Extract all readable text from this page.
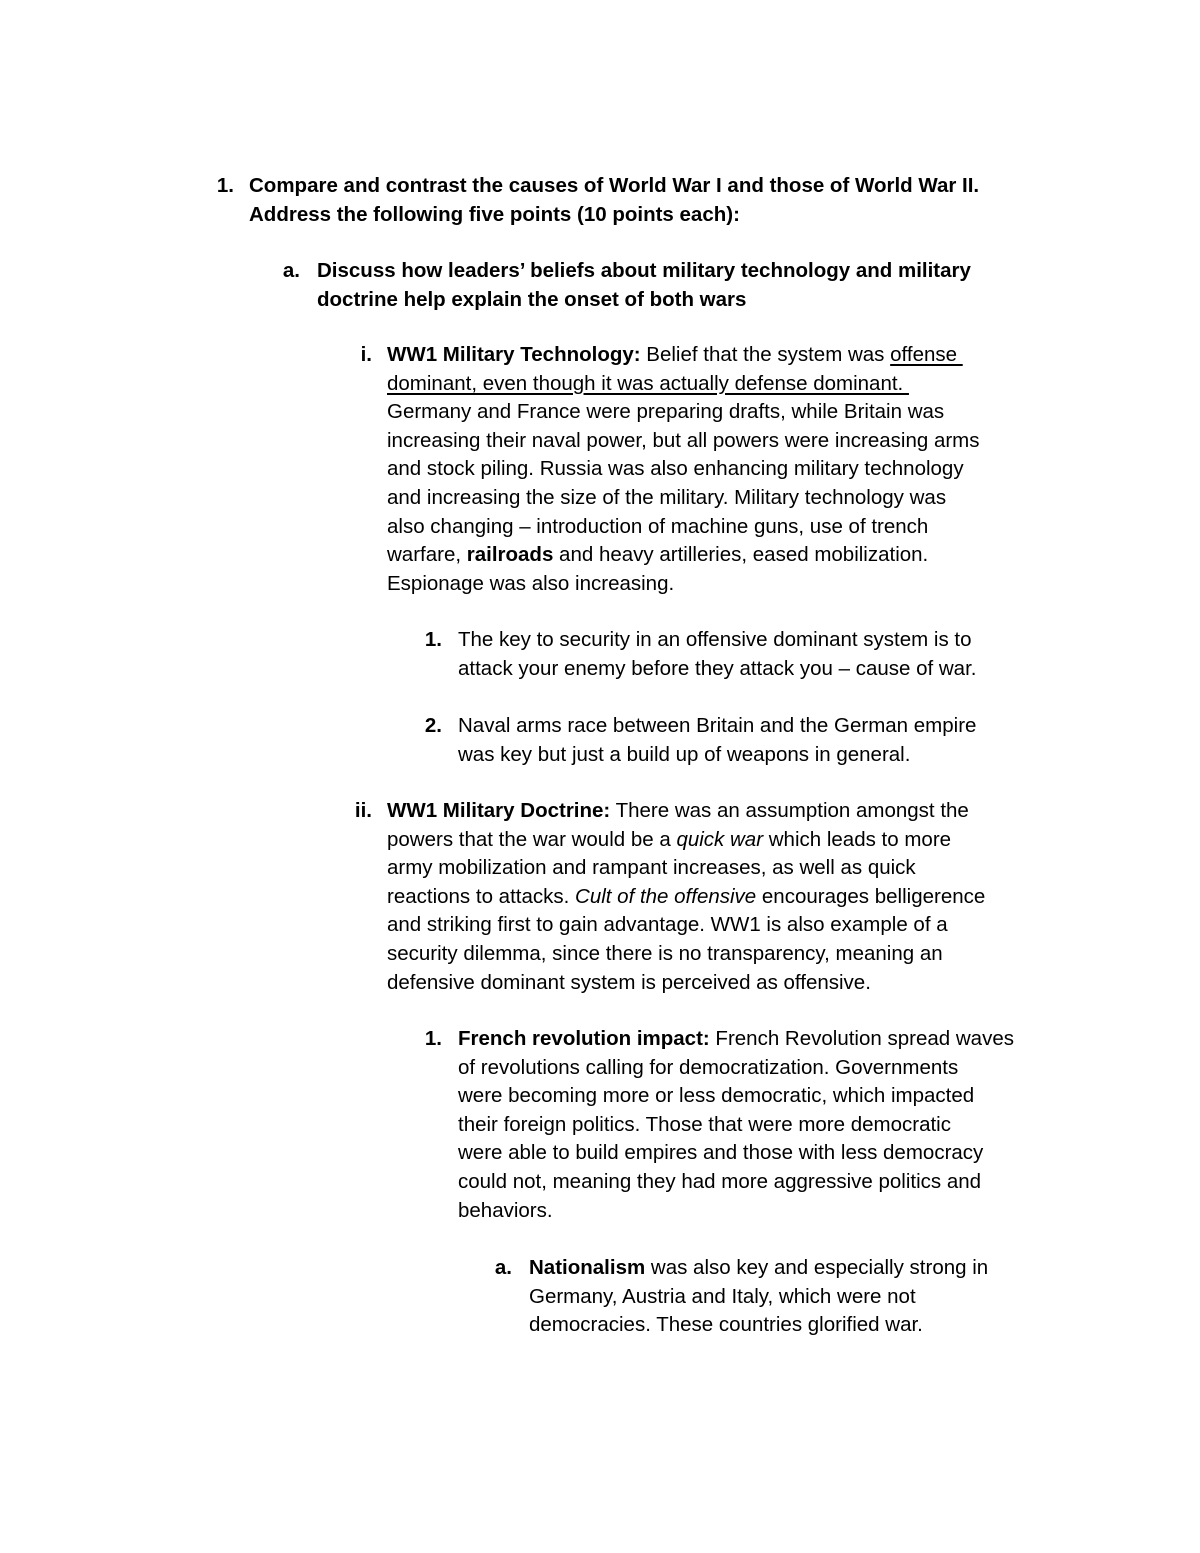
1. Compare and contrast the causes of World War I and those of World War II.

Address the following five points (10 points each):

a. Discuss how leaders’ beliefs about military technology and military

doctrine help explain the onset of both wars

i. WW1 Military Technology: Belief that the system was offense

dominant, even though it was actually defense dominant.

Germany and France were preparing drafts, while Britain was

increasing their naval power, but all powers were increasing arms

and stock piling. Russia was also enhancing military technology

and increasing the size of the military. Military technology was

also changing – introduction of machine guns, use of trench

warfare, railroads and heavy artilleries, eased mobilization.

Espionage was also increasing.

1. The key to security in an offensive dominant system is to

attack your enemy before they attack you – cause of war.

2. Naval arms race between Britain and the German empire

was key but just a build up of weapons in general.

ii. WW1 Military Doctrine: There was an assumption amongst the

powers that the war would be a quick war which leads to more

army mobilization and rampant increases, as well as quick

reactions to attacks. Cult of the offensive encourages belligerence

and striking first to gain advantage. WW1 is also example of a

security dilemma, since there is no transparency, meaning an

defensive dominant system is perceived as offensive.

1. French revolution impact: French Revolution spread waves

of revolutions calling for democratization. Governments

were becoming more or less democratic, which impacted

their foreign politics. Those that were more democratic

were able to build empires and those with less democracy

could not, meaning they had more aggressive politics and

behaviors.

a. Nationalism was also key and especially strong in

Germany, Austria and Italy, which were not

democracies. These countries glorified war.
